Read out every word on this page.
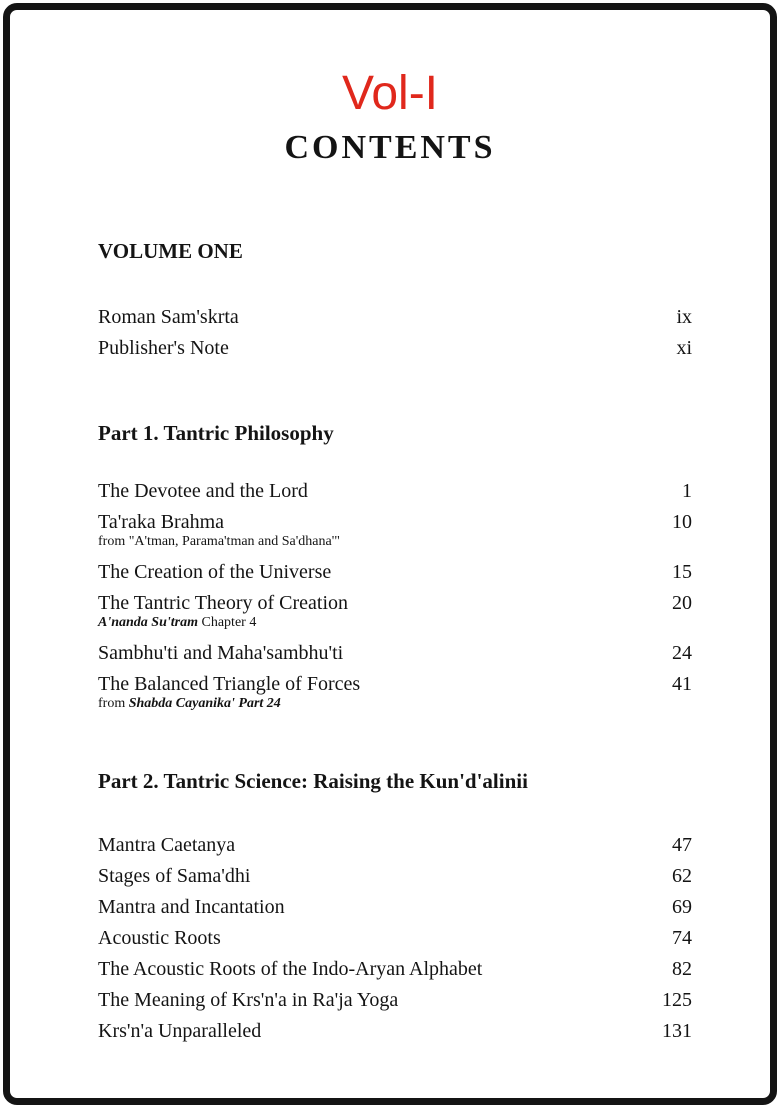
Vol-I
CONTENTS
VOLUME ONE
Roman Sam'skrta	ix
Publisher's Note	xi
Part 1. Tantric Philosophy
The Devotee and the Lord	1
Ta'raka Brahma	10
from "A'tman, Parama'tman and Sa'dhana'"
The Creation of the Universe	15
The Tantric Theory of Creation	20
A'nanda Su'tram Chapter 4
Sambhu'ti and Maha'sambhu'ti	24
The Balanced Triangle of Forces	41
from Shabda Cayanika' Part 24
Part 2. Tantric Science: Raising the Kun'd'alinii
Mantra Caetanya	47
Stages of Sama'dhi	62
Mantra and Incantation	69
Acoustic Roots	74
The Acoustic Roots of the Indo-Aryan Alphabet	82
The Meaning of Krs'n'a in Ra'ja Yoga	125
Krs'n'a Unparalleled	131
